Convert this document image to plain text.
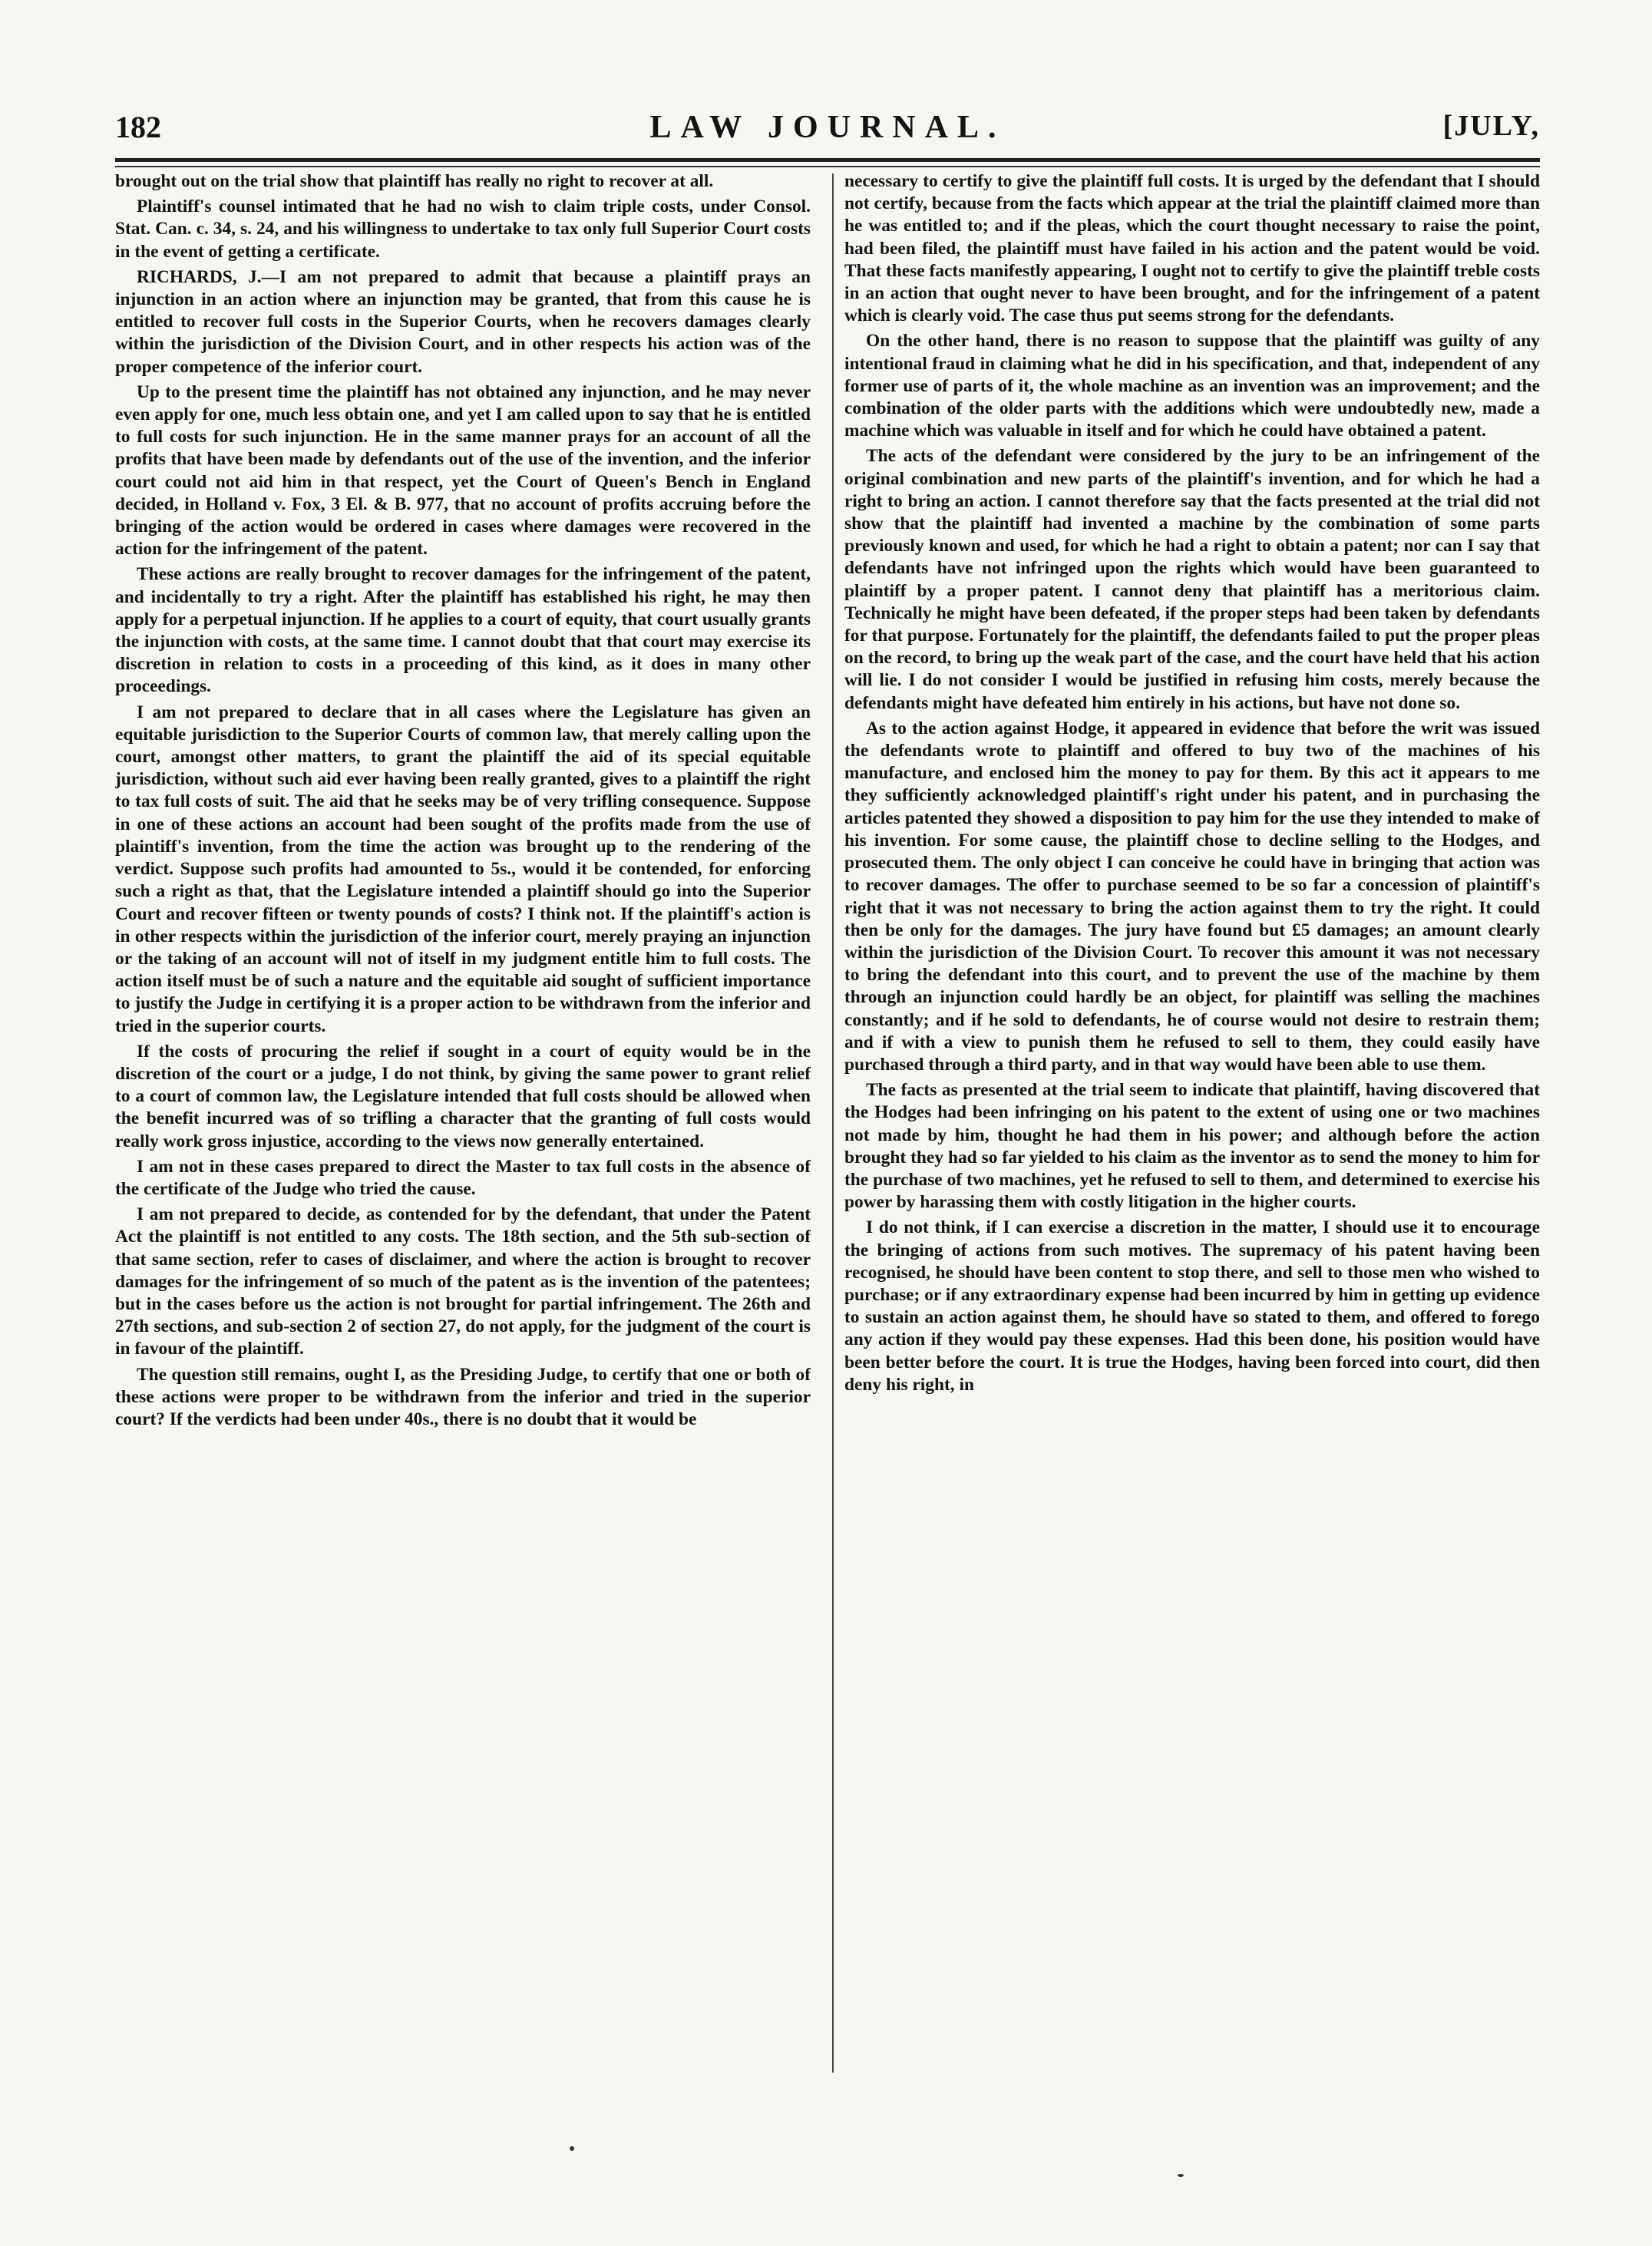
182	LAW JOURNAL.	[JULY,

brought out on the trial show that plaintiff has really no right to recover at all.

Plaintiff's counsel intimated that he had no wish to claim triple costs, under Consol. Stat. Can. c. 34, s. 24, and his willingness to undertake to tax only full Superior Court costs in the event of getting a certificate.

RICHARDS, J.—I am not prepared to admit that because a plaintiff prays an injunction in an action where an injunction may be granted, that from this cause he is entitled to recover full costs in the Superior Courts, when he recovers damages clearly within the jurisdiction of the Division Court, and in other respects his action was of the proper competence of the inferior court.

Up to the present time the plaintiff has not obtained any injunction, and he may never even apply for one, much less obtain one, and yet I am called upon to say that he is entitled to full costs for such injunction. He in the same manner prays for an account of all the profits that have been made by defendants out of the use of the invention, and the inferior court could not aid him in that respect, yet the Court of Queen's Bench in England decided, in Holland v. Fox, 3 El. & B. 977, that no account of profits accruing before the bringing of the action would be ordered in cases where damages were recovered in the action for the infringement of the patent.

These actions are really brought to recover damages for the infringement of the patent, and incidentally to try a right. After the plaintiff has established his right, he may then apply for a perpetual injunction. If he applies to a court of equity, that court usually grants the injunction with costs, at the same time. I cannot doubt that that court may exercise its discretion in relation to costs in a proceeding of this kind, as it does in many other proceedings.

I am not prepared to declare that in all cases where the Legislature has given an equitable jurisdiction to the Superior Courts of common law, that merely calling upon the court, amongst other matters, to grant the plaintiff the aid of its special equitable jurisdiction, without such aid ever having been really granted, gives to a plaintiff the right to tax full costs of suit. The aid that he seeks may be of very trifling consequence. Suppose in one of these actions an account had been sought of the profits made from the use of plaintiff's invention, from the time the action was brought up to the rendering of the verdict. Suppose such profits had amounted to 5s., would it be contended, for enforcing such a right as that, that the Legislature intended a plaintiff should go into the Superior Court and recover fifteen or twenty pounds of costs? I think not. If the plaintiff's action is in other respects within the jurisdiction of the inferior court, merely praying an injunction or the taking of an account will not of itself in my judgment entitle him to full costs. The action itself must be of such a nature and the equitable aid sought of sufficient importance to justify the Judge in certifying it is a proper action to be withdrawn from the inferior and tried in the superior courts.

If the costs of procuring the relief if sought in a court of equity would be in the discretion of the court or a judge, I do not think, by giving the same power to grant relief to a court of common law, the Legislature intended that full costs should be allowed when the benefit incurred was of so trifling a character that the granting of full costs would really work gross injustice, according to the views now generally entertained.

I am not in these cases prepared to direct the Master to tax full costs in the absence of the certificate of the Judge who tried the cause.

I am not prepared to decide, as contended for by the defendant, that under the Patent Act the plaintiff is not entitled to any costs. The 18th section, and the 5th sub-section of that same section, refer to cases of disclaimer, and where the action is brought to recover damages for the infringement of so much of the patent as is the invention of the patentees; but in the cases before us the action is not brought for partial infringement. The 26th and 27th sections, and sub-section 2 of section 27, do not apply, for the judgment of the court is in favour of the plaintiff.

The question still remains, ought I, as the Presiding Judge, to certify that one or both of these actions were proper to be withdrawn from the inferior and tried in the superior court? If the verdicts had been under 40s., there is no doubt that it would be

necessary to certify to give the plaintiff full costs. It is urged by the defendant that I should not certify, because from the facts which appear at the trial the plaintiff claimed more than he was entitled to; and if the pleas, which the court thought necessary to raise the point, had been filed, the plaintiff must have failed in his action and the patent would be void. That these facts manifestly appearing, I ought not to certify to give the plaintiff treble costs in an action that ought never to have been brought, and for the infringement of a patent which is clearly void. The case thus put seems strong for the defendants.

On the other hand, there is no reason to suppose that the plaintiff was guilty of any intentional fraud in claiming what he did in his specification, and that, independent of any former use of parts of it, the whole machine as an invention was an improvement; and the combination of the older parts with the additions which were undoubtedly new, made a machine which was valuable in itself and for which he could have obtained a patent.

The acts of the defendant were considered by the jury to be an infringement of the original combination and new parts of the plaintiff's invention, and for which he had a right to bring an action. I cannot therefore say that the facts presented at the trial did not show that the plaintiff had invented a machine by the combination of some parts previously known and used, for which he had a right to obtain a patent; nor can I say that defendants have not infringed upon the rights which would have been guaranteed to plaintiff by a proper patent. I cannot deny that plaintiff has a meritorious claim. Technically he might have been defeated, if the proper steps had been taken by defendants for that purpose. Fortunately for the plaintiff, the defendants failed to put the proper pleas on the record, to bring up the weak part of the case, and the court have held that his action will lie. I do not consider I would be justified in refusing him costs, merely because the defendants might have defeated him entirely in his actions, but have not done so.

As to the action against Hodge, it appeared in evidence that before the writ was issued the defendants wrote to plaintiff and offered to buy two of the machines of his manufacture, and enclosed him the money to pay for them. By this act it appears to me they sufficiently acknowledged plaintiff's right under his patent, and in purchasing the articles patented they showed a disposition to pay him for the use they intended to make of his invention. For some cause, the plaintiff chose to decline selling to the Hodges, and prosecuted them. The only object I can conceive he could have in bringing that action was to recover damages. The offer to purchase seemed to be so far a concession of plaintiff's right that it was not necessary to bring the action against them to try the right. It could then be only for the damages. The jury have found but £5 damages; an amount clearly within the jurisdiction of the Division Court. To recover this amount it was not necessary to bring the defendant into this court, and to prevent the use of the machine by them through an injunction could hardly be an object, for plaintiff was selling the machines constantly; and if he sold to defendants, he of course would not desire to restrain them; and if with a view to punish them he refused to sell to them, they could easily have purchased through a third party, and in that way would have been able to use them.

The facts as presented at the trial seem to indicate that plaintiff, having discovered that the Hodges had been infringing on his patent to the extent of using one or two machines not made by him, thought he had them in his power; and although before the action brought they had so far yielded to his claim as the inventor as to send the money to him for the purchase of two machines, yet he refused to sell to them, and determined to exercise his power by harassing them with costly litigation in the higher courts.

I do not think, if I can exercise a discretion in the matter, I should use it to encourage the bringing of actions from such motives. The supremacy of his patent having been recognised, he should have been content to stop there, and sell to those men who wished to purchase; or if any extraordinary expense had been incurred by him in getting up evidence to sustain an action against them, he should have so stated to them, and offered to forego any action if they would pay these expenses. Had this been done, his position would have been better before the court. It is true the Hodges, having been forced into court, did then deny his right, in
